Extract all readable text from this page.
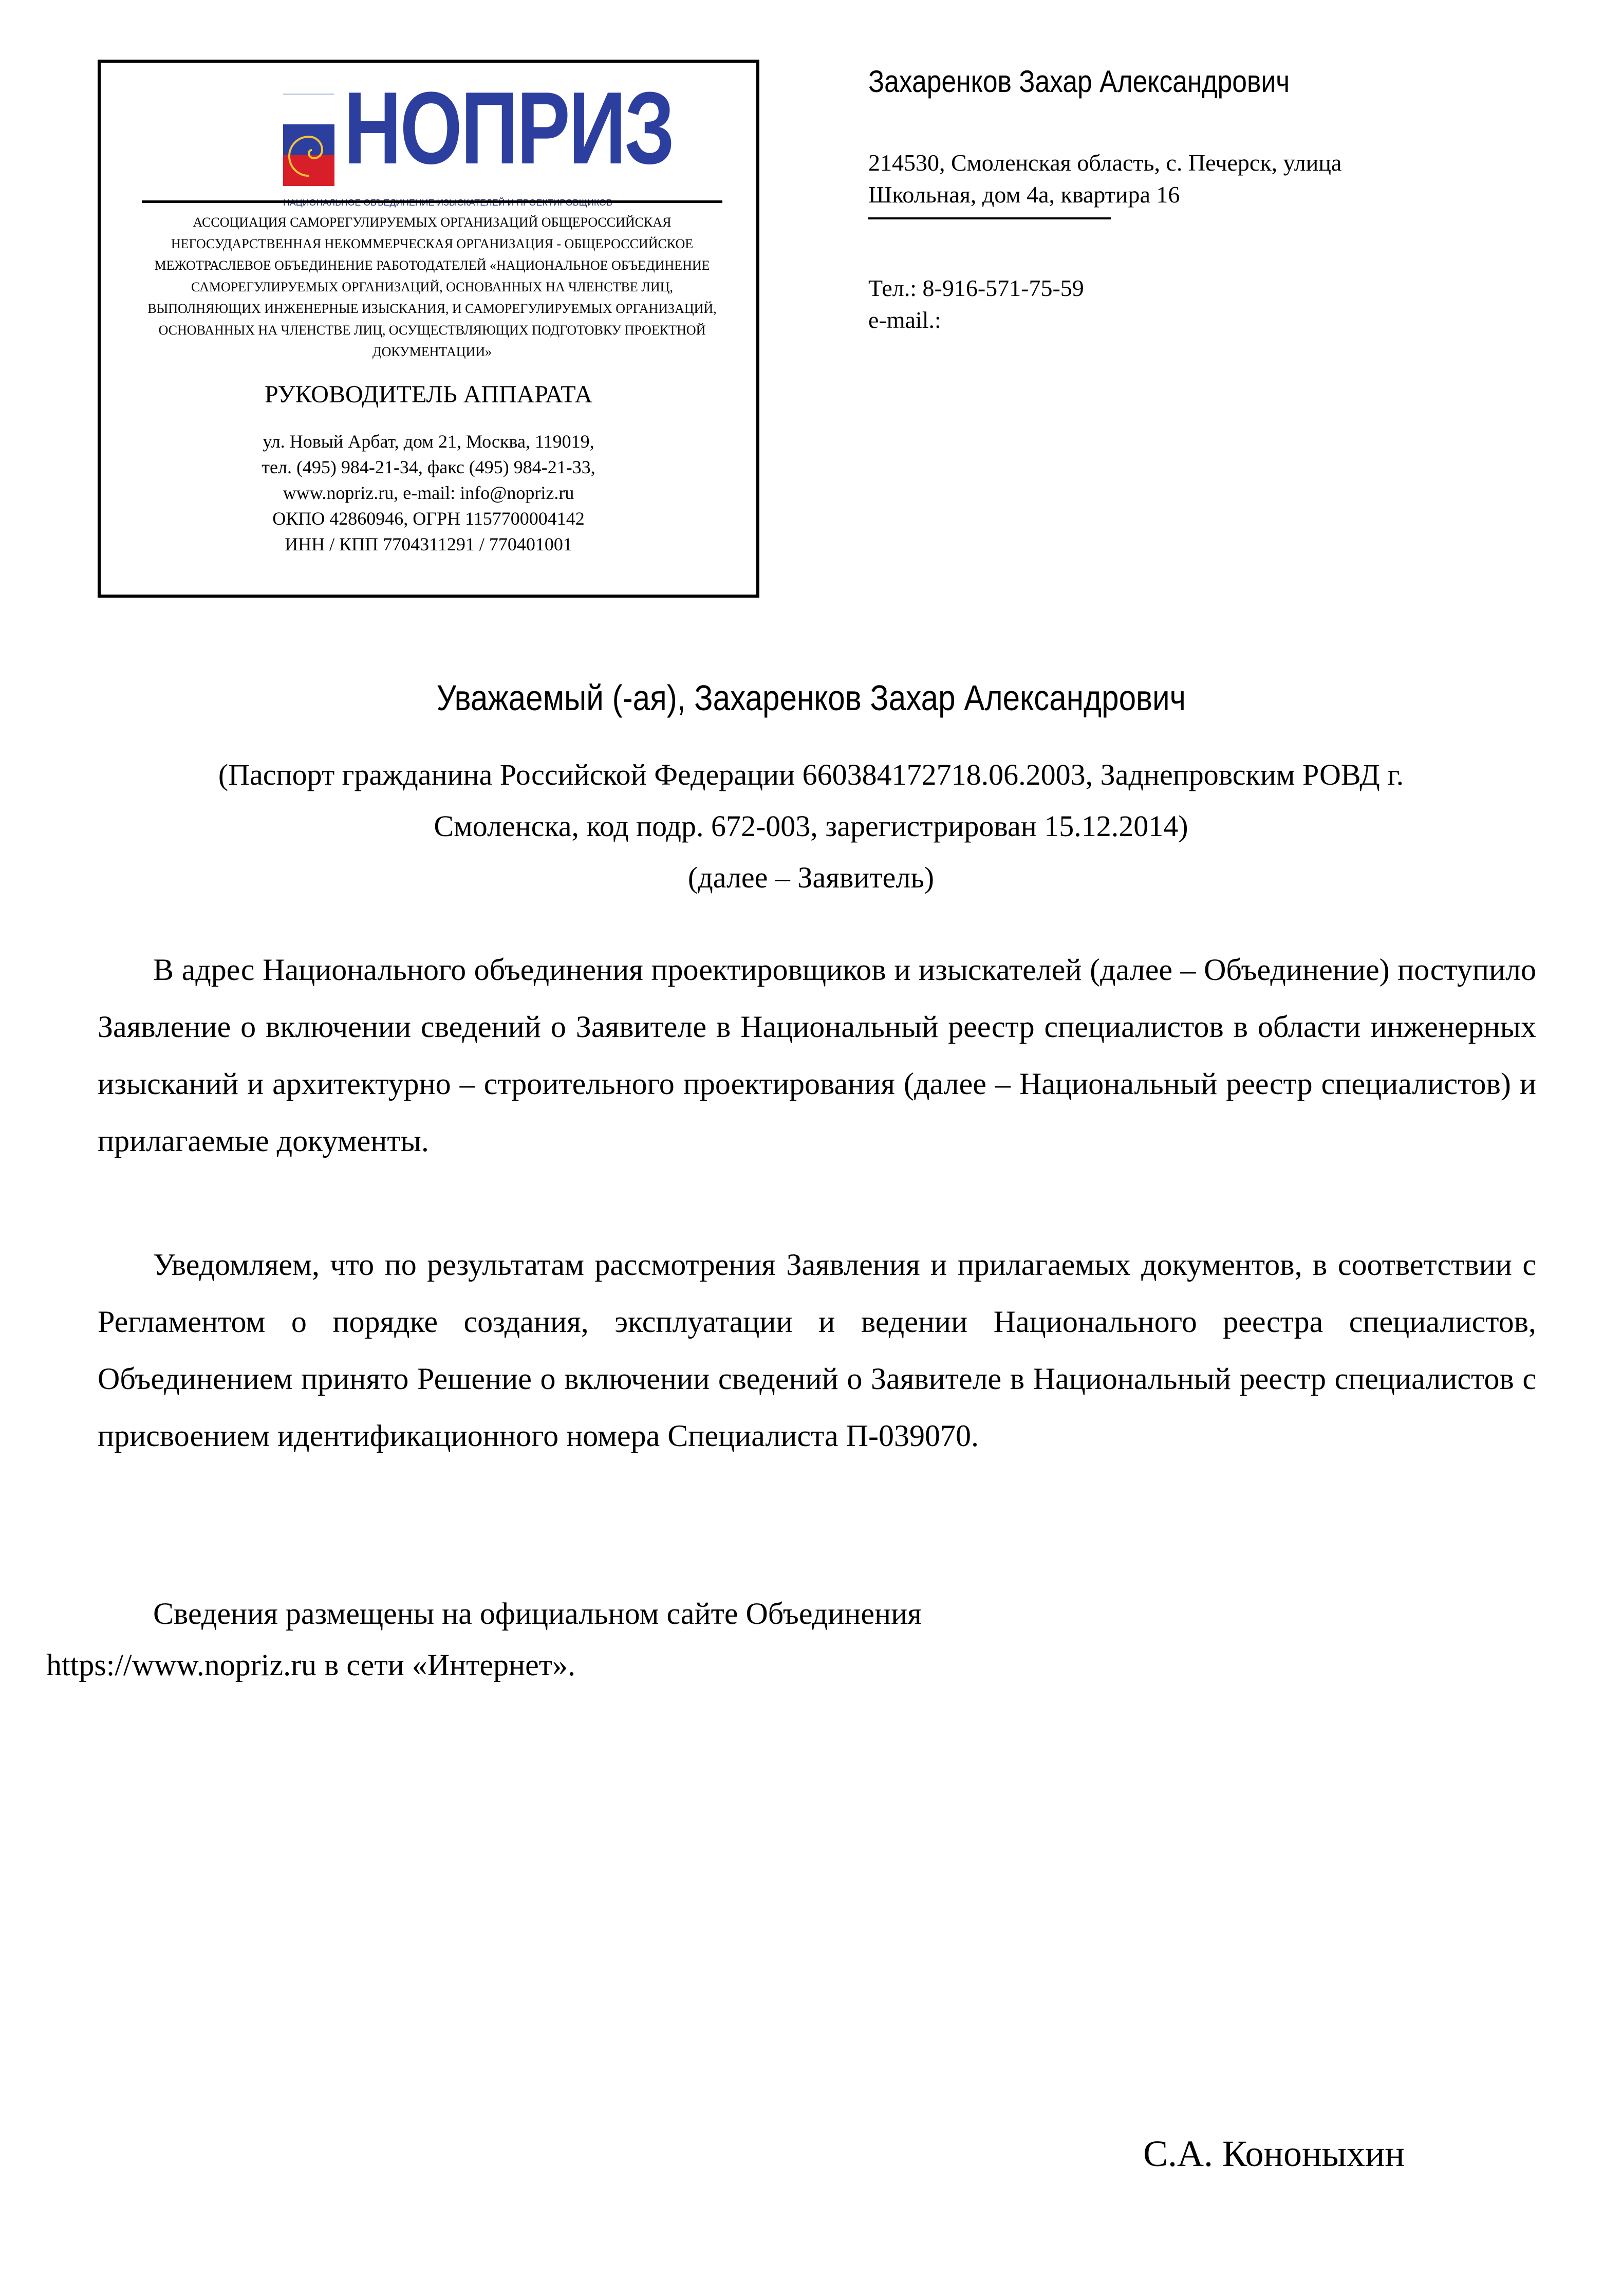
НОПРИЗ
АССОЦИАЦИЯ САМОРЕГУЛИРУЕМЫХ ОРГАНИЗАЦИЙ ОБЩЕРОССИЙСКАЯ
НЕГОСУДАРСТВЕННАЯ НЕКОММЕРЧЕСКАЯ ОРГАНИЗАЦИЯ - ОБЩЕРОССИЙСКОЕ
МЕЖОТРАСЛЕВОЕ ОБЪЕДИНЕНИЕ РАБОТОДАТЕЛЕЙ «НАЦИОНАЛЬНОЕ ОБЪЕДИНЕНИЕ
САМОРЕГУЛИРУЕМЫХ ОРГАНИЗАЦИЙ, ОСНОВАННЫХ НА ЧЛЕНСТВЕ ЛИЦ,
ВЫПОЛНЯЮЩИХ ИНЖЕНЕРНЫЕ ИЗЫСКАНИЯ, И САМОРЕГУЛИРУЕМЫХ ОРГАНИЗАЦИЙ,
ОСНОВАННЫХ НА ЧЛЕНСТВЕ ЛИЦ, ОСУЩЕСТВЛЯЮЩИХ ПОДГОТОВКУ ПРОЕКТНОЙ
ДОКУМЕНТАЦИИ»
РУКОВОДИТЕЛЬ АППАРАТА
ул. Новый Арбат, дом 21, Москва, 119019,
тел. (495) 984-21-34, факс (495) 984-21-33,
www.nopriz.ru, e-mail: info@nopriz.ru
ОКПО 42860946, ОГРН 1157700004142
ИНН / КПП 7704311291 / 770401001
Захаренков Захар Александрович
214530, Смоленская область, с. Печерск, улица
Школьная, дом 4а, квартира 16
Тел.: 8-916-571-75-59
e-mail.:
Уважаемый (-ая), Захаренков Захар Александрович
(Паспорт гражданина Российской Федерации 660384172718.06.2003, Заднепровским РОВД г.
Смоленска, код подр. 672-003, зарегистрирован 15.12.2014)
(далее – Заявитель)
В адрес Национального объединения проектировщиков и изыскателей (далее – Объединение) поступило Заявление о включении сведений о Заявителе в Национальный реестр специалистов в области инженерных изысканий и архитектурно – строительного проектирования (далее – Национальный реестр специалистов) и прилагаемые документы.
Уведомляем, что по результатам рассмотрения Заявления и прилагаемых документов, в соответствии с Регламентом о порядке создания, эксплуатации и ведении Национального реестра специалистов, Объединением принято Решение о включении сведений о Заявителе в Национальный реестр специалистов с присвоением идентификационного номера Специалиста П-039070.
Сведения размещены на официальном сайте Объединения
https://www.nopriz.ru в сети «Интернет».
С.А. Кононыхин
